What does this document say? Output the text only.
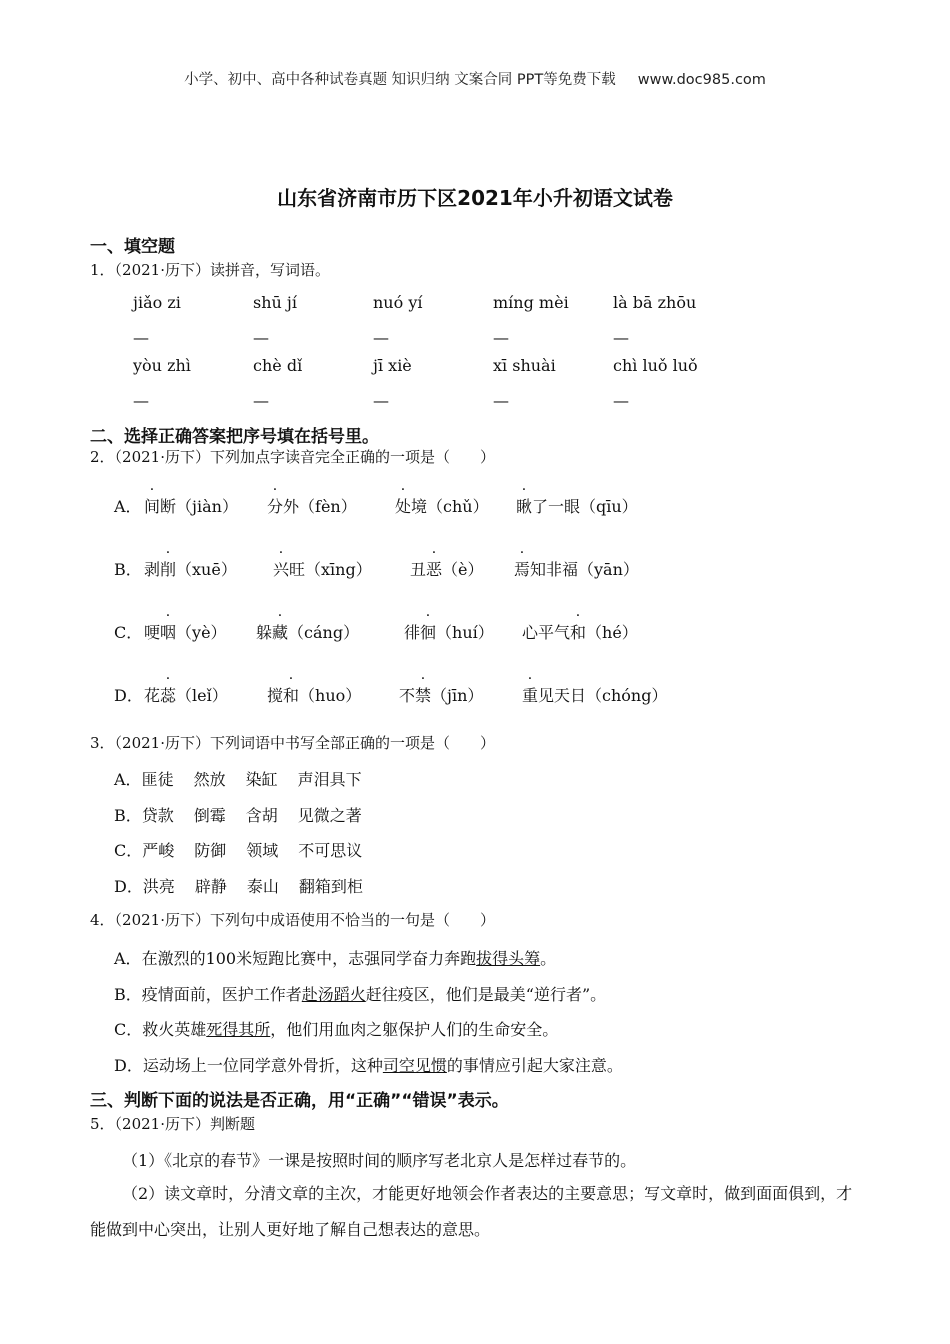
小学、初中、高中各种试卷真题 知识归纳 文案合同 PPT等免费下载 www.doc985.com
山东省济南市历下区2021年小升初语文试卷
一、填空题
1．（2021·历下）读拼音，写词语。
jiǎo zi	shū jí	nuó yí	míng mèi	là bā zhōu
—	—	—	—	—
yòu zhì	chè dǐ	jī xiè	xī shuài	chì luǒ luǒ
—	—	—	—	—
二、选择正确答案把序号填在括号里。
2．（2021·历下）下列加点字读音完全正确的一项是（　　）
A． 间断（jiàn） 分外（fèn） 处境（chǔ） 瞅了一眼（qīu）
B． 剥削（xuē） 兴旺（xīng） 丑恶（è） 焉知非福（yān）
C． 哽咽（yè） 躲藏（cáng）	徘徊（huí） 心平气和（hé）
D． 花蕊（leǐ） 搅和（huo） 不禁（jīn） 重见天日（chóng）
3．（2021·历下）下列词语中书写全部正确的一项是（　　）
A．匪徒 然放 染缸 声泪具下
B．贷款 倒霉 含胡 见微之著
C．严峻 防御 领域 不可思议
D．洪亮 辟静 泰山 翻箱到柜
4．（2021·历下）下列句中成语使用不恰当的一句是（　　）
A．在激烈的100米短跑比赛中，志强同学奋力奔跑拔得头筹。
B．疫情面前，医护工作者赴汤蹈火赶往疫区，他们是最美“逆行者”。
C．救火英雄死得其所，他们用血肉之躯保护人们的生命安全。
D．运动场上一位同学意外骨折，这种司空见惯的事情应引起大家注意。
三、判断下面的说法是否正确，用“正确”“错误”表示。
5．（2021·历下）判断题
（1）《北京的春节》一课是按照时间的顺序写老北京人是怎样过春节的。
（2）读文章时，分清文章的主次，才能更好地领会作者表达的主要意思；写文章时，做到面面俱到，才能做到中心突出，让别人更好地了解自己想表达的意思。
